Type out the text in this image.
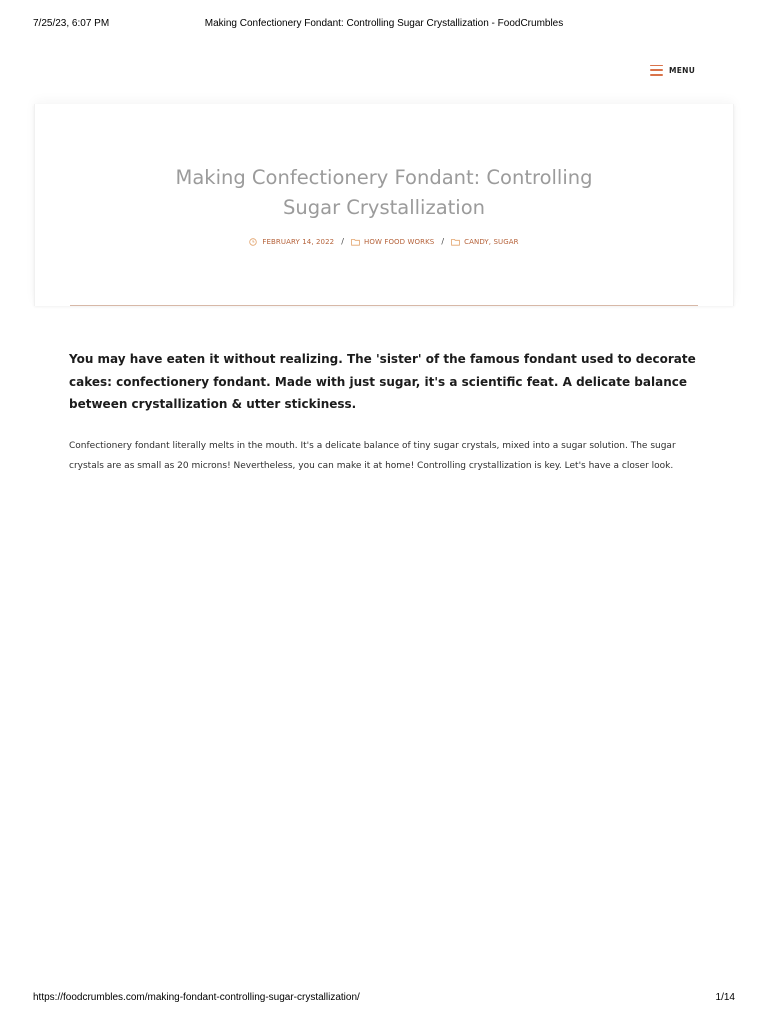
7/25/23, 6:07 PM	Making Confectionery Fondant: Controlling Sugar Crystallization - FoodCrumbles
MENU
Making Confectionery Fondant: Controlling Sugar Crystallization
FEBRUARY 14, 2022 /	HOW FOOD WORKS /	CANDY, SUGAR

You may have eaten it without realizing. The 'sister' of the famous fondant used to decorate cakes: confectionery fondant. Made with just sugar, it's a scientific feat. A delicate balance between crystallization & utter stickiness.

Confectionery fondant literally melts in the mouth. It's a delicate balance of tiny sugar crystals, mixed into a sugar solution. The sugar crystals are as small as 20 microns! Nevertheless, you can make it at home! Controlling crystallization is key. Let's have a closer look.

https://foodcrumbles.com/making-fondant-controlling-sugar-crystallization/	1/14
